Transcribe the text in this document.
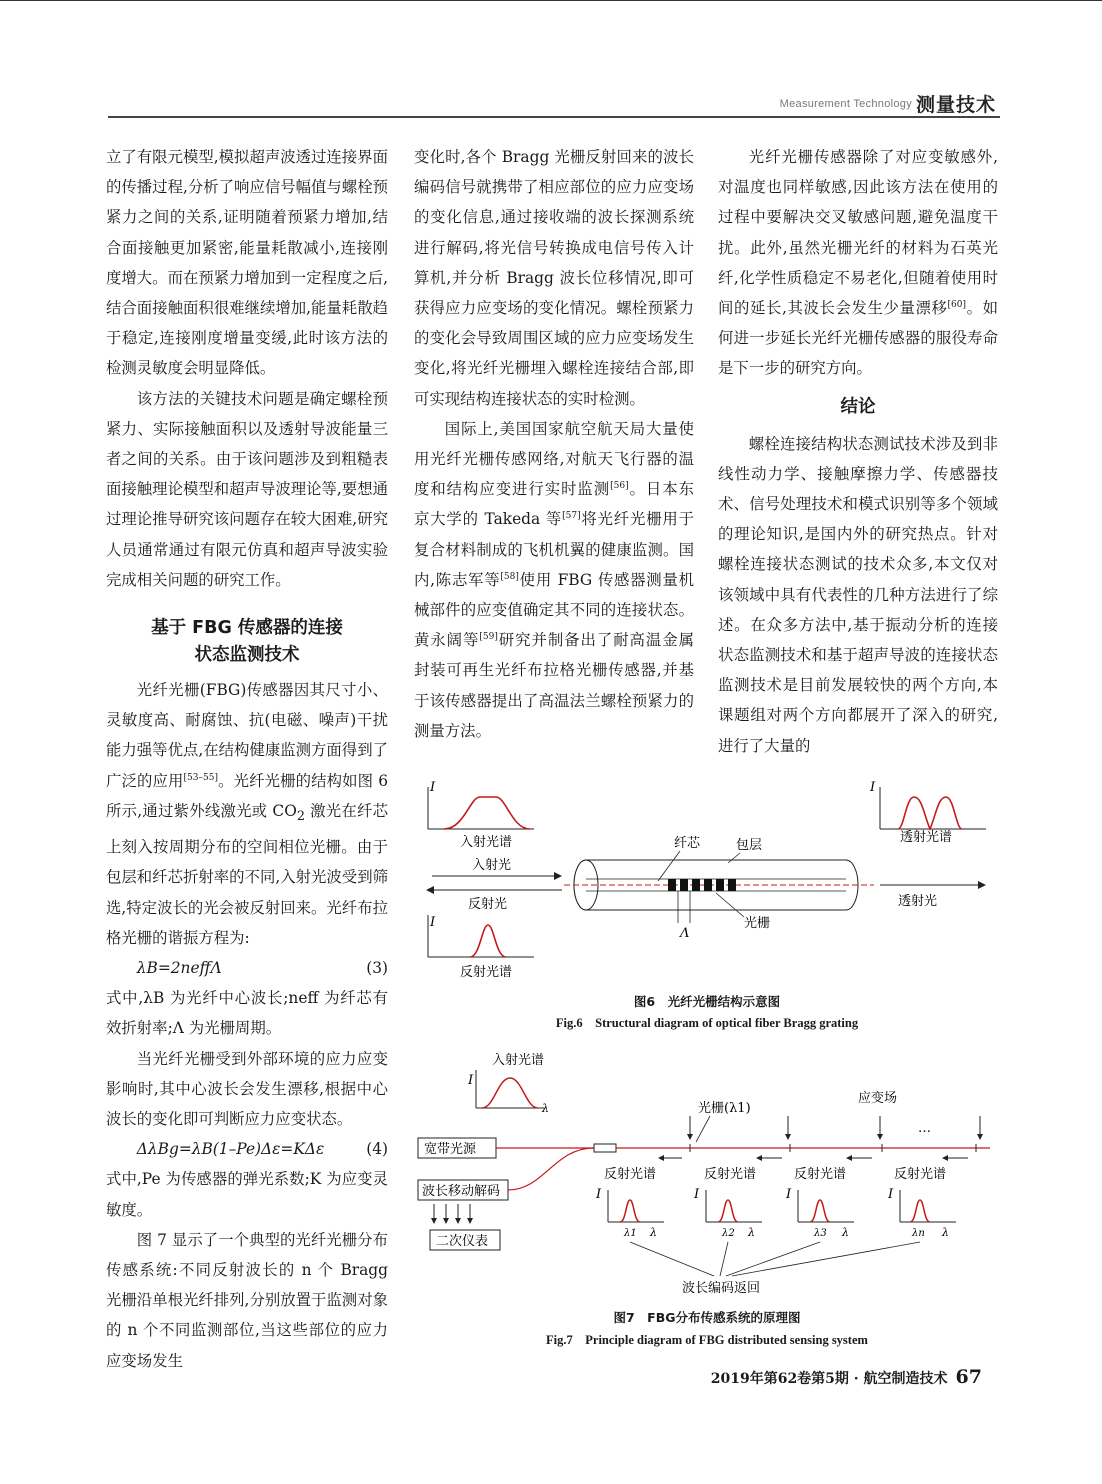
Measurement Technology 测量技术

立了有限元模型,模拟超声波透过连接界面的传播过程,分析了响应信号幅值与螺栓预紧力之间的关系,证明随着预紧力增加,结合面接触更加紧密,能量耗散减小,连接刚度增大。而在预紧力增加到一定程度之后,结合面接触面积很难继续增加,能量耗散趋于稳定,连接刚度增量变缓,此时该方法的检测灵敏度会明显降低。

该方法的关键技术问题是确定螺栓预紧力、实际接触面积以及透射导波能量三者之间的关系。由于该问题涉及到粗糙表面接触理论模型和超声导波理论等,要想通过理论推导研究该问题存在较大困难,研究人员通常通过有限元仿真和超声导波实验完成相关问题的研究工作。

基于 FBG 传感器的连接
状态监测技术

光纤光栅(FBG)传感器因其尺寸小、灵敏度高、耐腐蚀、抗(电磁、噪声)干扰能力强等优点,在结构健康监测方面得到了广泛的应用[53–55]。光纤光栅的结构如图 6 所示,通过紫外线激光或 $CO_2$ 激光在纤芯上刻入按周期分布的空间相位光栅。由于包层和纤芯折射率的不同,入射光波受到筛选,特定波长的光会被反射回来。光纤布拉格光栅的谐振方程为:

λB=2neffΛ	(3)

式中,λB 为光纤中心波长;neff 为纤芯有效折射率;Λ 为光栅周期。

当光纤光栅受到外部环境的应力应变影响时,其中心波长会发生漂移,根据中心波长的变化即可判断应力应变状态。

ΔλBg=λB(1–Pe)Δε=KΔε	(4)

式中,Pe 为传感器的弹光系数;K 为应变灵敏度。

图 7 显示了一个典型的光纤光栅分布传感系统:不同反射波长的 n 个 Bragg 光栅沿单根光纤排列,分别放置于监测对象的 n 个不同监测部位,当这些部位的应力应变场发生

变化时,各个 Bragg 光栅反射回来的波长编码信号就携带了相应部位的应力应变场的变化信息,通过接收端的波长探测系统进行解码,将光信号转换成电信号传入计算机,并分析 Bragg 波长位移情况,即可获得应力应变场的变化情况。螺栓预紧力的变化会导致周围区域的应力应变场发生变化,将光纤光栅埋入螺栓连接结合部,即可实现结构连接状态的实时检测。

国际上,美国国家航空航天局大量使用光纤光栅传感网络,对航天飞行器的温度和结构应变进行实时监测[56]。日本东京大学的 Takeda 等[57]将光纤光栅用于复合材料制成的飞机机翼的健康监测。国内,陈志军等[58]使用 FBG 传感器测量机械部件的应变值确定其不同的连接状态。黄永阔等[59]研究并制备出了耐高温金属封装可再生光纤布拉格光栅传感器,并基于该传感器提出了高温法兰螺栓预紧力的测量方法。

光纤光栅传感器除了对应变敏感外,对温度也同样敏感,因此该方法在使用的过程中要解决交叉敏感问题,避免温度干扰。此外,虽然光栅光纤的材料为石英光纤,化学性质稳定不易老化,但随着使用时间的延长,其波长会发生少量漂移[60]。如何进一步延长光纤光栅传感器的服役寿命是下一步的研究方向。

结论

螺栓连接结构状态测试技术涉及到非线性动力学、接触摩擦力学、传感器技术、信号处理技术和模式识别等多个领域的理论知识,是国内外的研究热点。针对螺栓连接状态测试的技术众多,本文仅对该领域中具有代表性的几种方法进行了综述。在众多方法中,基于振动分析的连接状态监测技术和基于超声导波的连接状态监测技术是目前发展较快的两个方向,本课题组对两个方向都展开了深入的研究,进行了大量的

I
入射光谱
入射光
反射光
I
反射光谱
纤芯	包层
Λ
光栅
I
透射光谱
透射光
图6　光纤光栅结构示意图
Fig.6　Structural diagram of optical fiber Bragg grating
I
λ
入射光谱
宽带光源
波长移动解码
二次仪表
光栅(λ1)
应变场
…
反射光谱	反射光谱	反射光谱	反射光谱
I
λ1 λ
I
λ2 λ
I
λ3 λ
I
λn λ
波长编码返回
图7　FBG分布传感系统的原理图
Fig.7　Principle diagram of FBG distributed sensing system
2019年第62卷第5期 · 航空制造技术 67
